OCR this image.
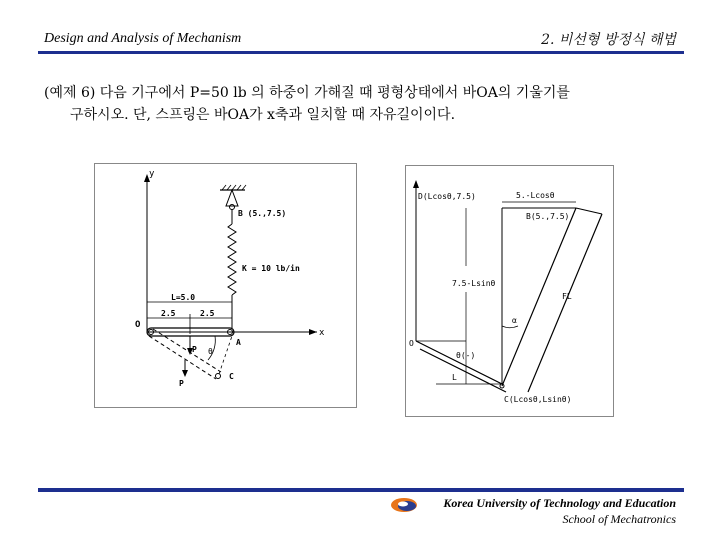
Design and Analysis of Mechanism	2. 비선형 방정식 해법
(예제 6) 다음 기구에서 P=50 lb 의 하중이 가해질 때 평형상태에서 바OA의 기울기를
구하시오. 단, 스프링은 바OA가 x축과 일치할 때 자유길이이다.
y
x
B (5.,7.5)
K = 10 lb/in
L=5.0
2.5	2.5
O
A
C
P
P
θ
D(Lcosθ,7.5)	5.-Lcosθ
B(5.,7.5)
7.5-Lsinθ
FL
α
O
θ(-)
L
C(Lcosθ,Lsinθ)
Korea University of Technology and Education
School of Mechatronics
